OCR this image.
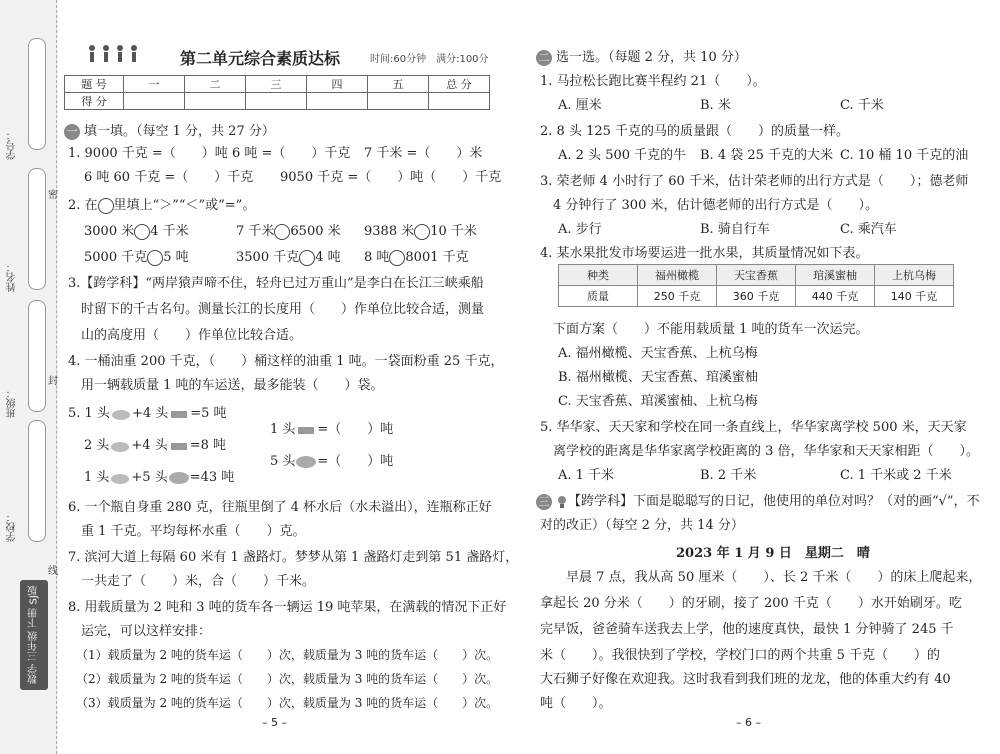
学号：
姓名：
班级：
学校：
数学 三年级 下册 SJ版
密
封
线
第二单元综合素质达标	时间:60分钟　满分:100分
题 号	一	二	三	四	五	总 分
得 分						
一 填一填。（每空 1 分，共 27 分）
1. 9000 千克 =（　　）吨 6 吨 =（　　）千克 7 千米 =（　　）米
6 吨 60 千克 =（　　）千克 9050 千克 =（　　）吨（　　）千克
2. 在 里填上“＞”“＜”或“=”。
3000 米 4 千米	7 千米 6500 米 9388 米 10 千米
5000 千克 5 吨	3500 千克 4 吨 8 吨 8001 千克
3.【跨学科】“两岸猿声啼不住，轻舟已过万重山”是李白在长江三峡乘船
　时留下的千古名句。测量长江的长度用（　　）作单位比较合适，测量
　山的高度用（　　）作单位比较合适。
4. 一桶油重 200 千克，（　　）桶这样的油重 1 吨。一袋面粉重 25 千克，
　用一辆载质量 1 吨的车运送，最多能装（　　）袋。
5. 1 头 +4 头 =5 吨
2 头 +4 头 =8 吨
1 头 +5 头 =43 吨
1 头 =（　　）吨
5 头 =（　　）吨
6. 一个瓶自身重 280 克，往瓶里倒了 4 杯水后（水未溢出），连瓶称正好
　重 1 千克。平均每杯水重（　　）克。
7. 滨河大道上每隔 60 米有 1 盏路灯。梦梦从第 1 盏路灯走到第 51 盏路灯，
　一共走了（　　）米，合（　　）千米。
8. 用载质量为 2 吨和 3 吨的货车各一辆运 19 吨苹果，在满载的情况下正好
　运完，可以这样安排：
（1）载质量为 2 吨的货车运（　　）次，载质量为 3 吨的货车运（　　）次。
（2）载质量为 2 吨的货车运（　　）次，载质量为 3 吨的货车运（　　）次。
（3）载质量为 2 吨的货车运（　　）次，载质量为 3 吨的货车运（　　）次。
– 5 –
二 选一选。（每题 2 分，共 10 分）
1. 马拉松长跑比赛半程约 21（　　）。
A. 厘米	B. 米	C. 千米
2. 8 头 125 千克的马的质量跟（　　）的质量一样。
A. 2 头 500 千克的牛 B. 4 袋 25 千克的大米 C. 10 桶 10 千克的油
3. 荣老师 4 小时行了 60 千米，估计荣老师的出行方式是（　　）；德老师
　4 分钟行了 300 米，估计德老师的出行方式是（　　）。
A. 步行	B. 骑自行车	C. 乘汽车
4. 某水果批发市场要运进一批水果，其质量情况如下表。
种类	福州橄榄	天宝香蕉	琯溪蜜柚	上杭乌梅
质量	250 千克	360 千克	440 千克	140 千克
　下面方案（　　）不能用载质量 1 吨的货车一次运完。
A. 福州橄榄、天宝香蕉、上杭乌梅
B. 福州橄榄、天宝香蕉、琯溪蜜柚
C. 天宝香蕉、琯溪蜜柚、上杭乌梅
5. 华华家、天天家和学校在同一条直线上，华华家离学校 500 米，天天家
　离学校的距离是华华家离学校距离的 3 倍，华华家和天天家相距（　　）。
A. 1 千米	B. 2 千米	C. 1 千米或 2 千米
三 【跨学科】下面是聪聪写的日记，他使用的单位对吗？（对的画“√”，不
对的改正）（每空 2 分，共 14 分）
2023 年 1 月 9 日　星期二　晴
　　早晨 7 点，我从高 50 厘米（　　）、长 2 千米（　　）的床上爬起来，
拿起长 20 分米（　　）的牙刷，接了 200 千克（　　）水开始刷牙。吃
完早饭，爸爸骑车送我去上学，他的速度真快，最快 1 分钟骑了 245 千
米（　　）。我很快到了学校，学校门口的两个共重 5 千克（　　）的
大石狮子好像在欢迎我。这时我看到我们班的龙龙，他的体重大约有 40
吨（　　）。
– 6 –
